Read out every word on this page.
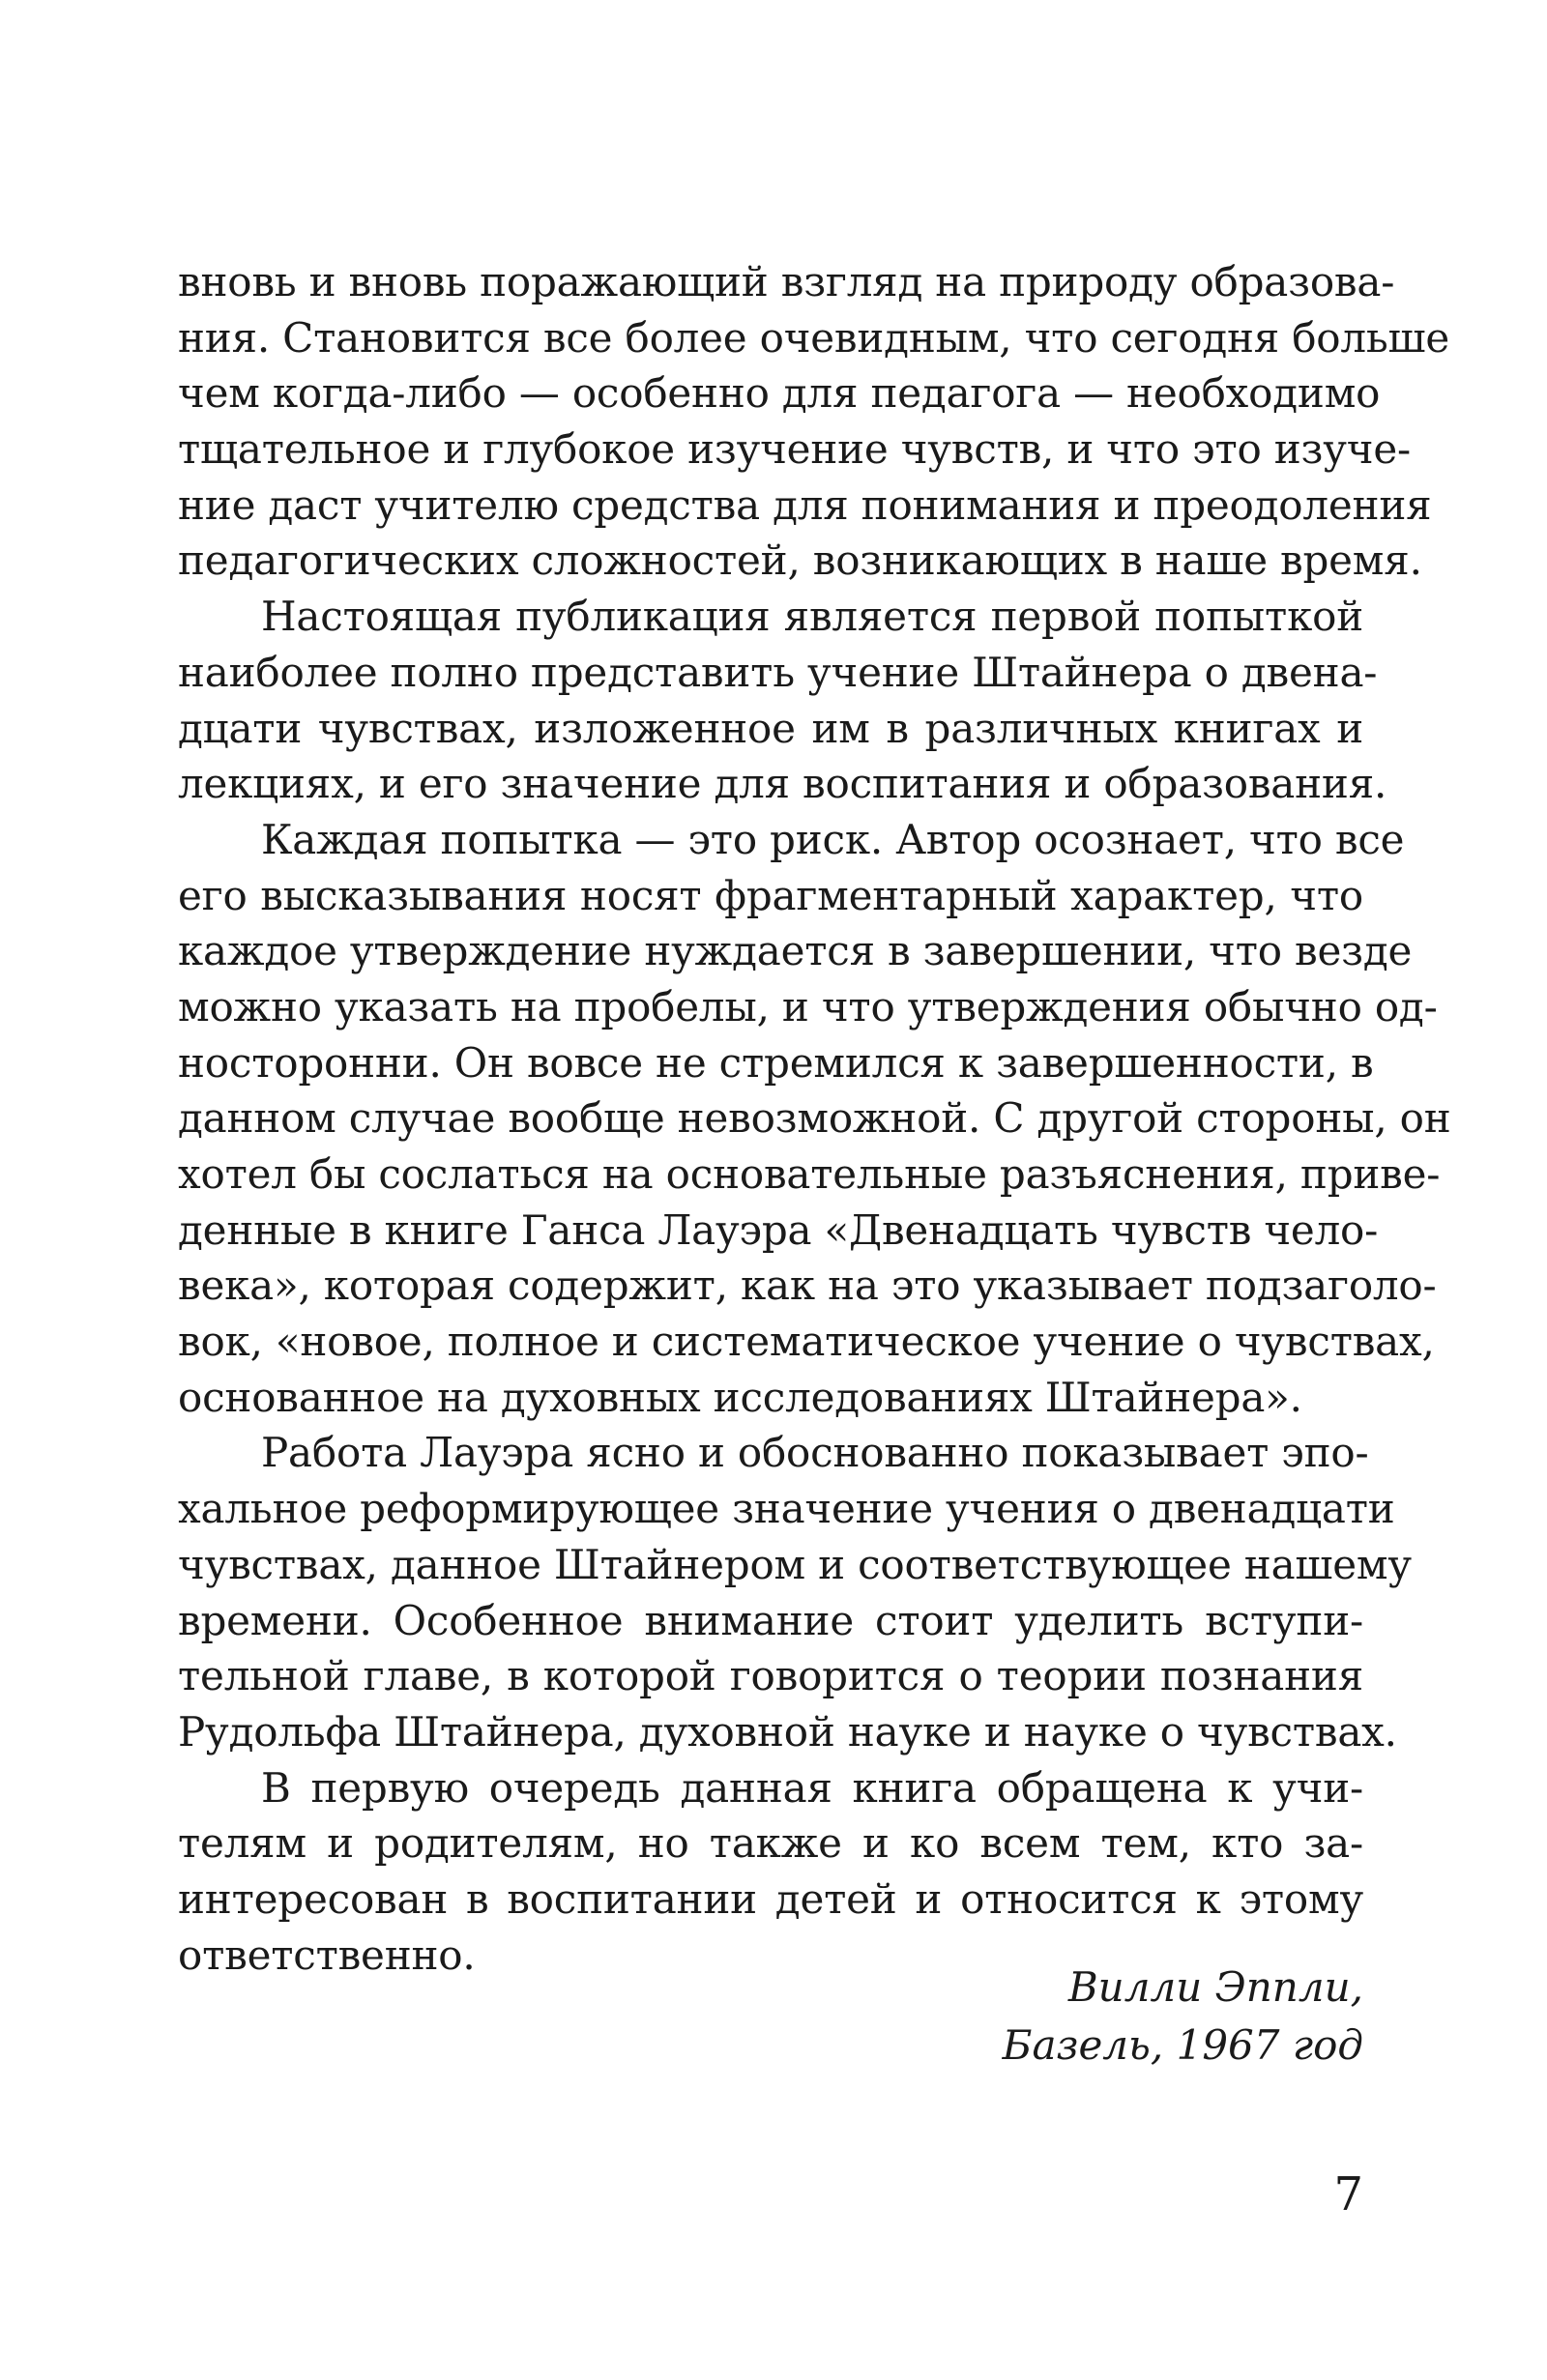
вновь и вновь поражающий взгляд на природу образова-
ния. Становится все более очевидным, что сегодня больше
чем когда-либо — особенно для педагога — необходимо
тщательное и глубокое изучение чувств, и что это изуче-
ние даст учителю средства для понимания и преодоления
педагогических сложностей, возникающих в наше время.
Настоящая публикация является первой попыткой
наиболее полно представить учение Штайнера о двена-
дцати чувствах, изложенное им в различных книгах и
лекциях, и его значение для воспитания и образования.
Каждая попытка — это риск. Автор осознает, что все
его высказывания носят фрагментарный характер, что
каждое утверждение нуждается в завершении, что везде
можно указать на пробелы, и что утверждения обычно од-
носторонни. Он вовсе не стремился к завершенности, в
данном случае вообще невозможной. С другой стороны, он
хотел бы сослаться на основательные разъяснения, приве-
денные в книге Ганса Лауэра «Двенадцать чувств чело-
века», которая содержит, как на это указывает подзаголо-
вок, «новое, полное и систематическое учение о чувствах,
основанное на духовных исследованиях Штайнера».
Работа Лауэра ясно и обоснованно показывает эпо-
хальное реформирующее значение учения о двенадцати
чувствах, данное Штайнером и соответствующее нашему
времени. Особенное внимание стоит уделить вступи-
тельной главе, в которой говорится о теории познания
Рудольфа Штайнера, духовной науке и науке о чувствах.
В первую очередь данная книга обращена к учи-
телям и родителям, но также и ко всем тем, кто за-
интересован в воспитании детей и относится к этому
ответственно.
Вилли Эппли,
Базель, 1967 год
7
